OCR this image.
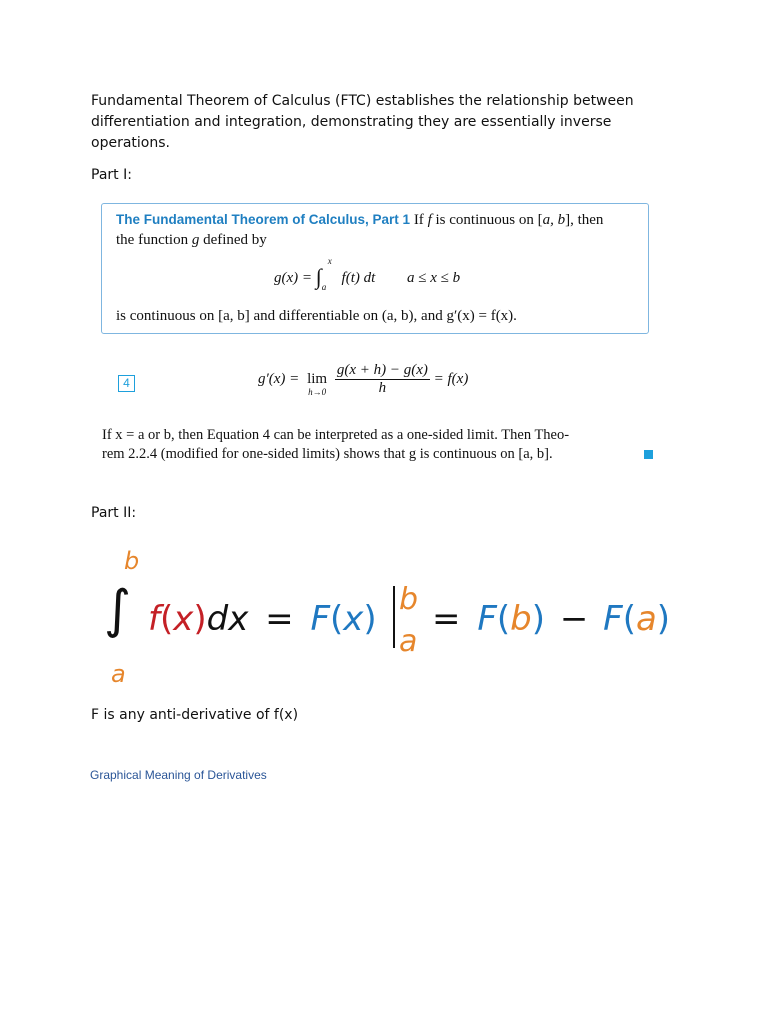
Fundamental Theorem of Calculus (FTC) establishes the relationship between differentiation and integration, demonstrating they are essentially inverse operations.

Part I:

The Fundamental Theorem of Calculus, Part 1 If f is continuous on [a, b], then
the function g defined by
g(x) = ∫
x
a
f(t) dt a ≤ x ≤ b
is continuous on [a, b] and differentiable on (a, b), and g′(x) = f(x).
4	g′(x) = lim
h→0
$\frac{g(x + h) - g(x)}{h} = f(x)$
If x = a or b, then Equation 4 can be interpreted as a one-sided limit. Then Theo-
rem 2.2.4 (modified for one-sided limits) shows that g is continuous on [a, b].

Part II:

b
∫
a
f(x)dx = F(x) b
a
= F(b) − F(a)

F is any anti-derivative of f(x)

Graphical Meaning of Derivatives
